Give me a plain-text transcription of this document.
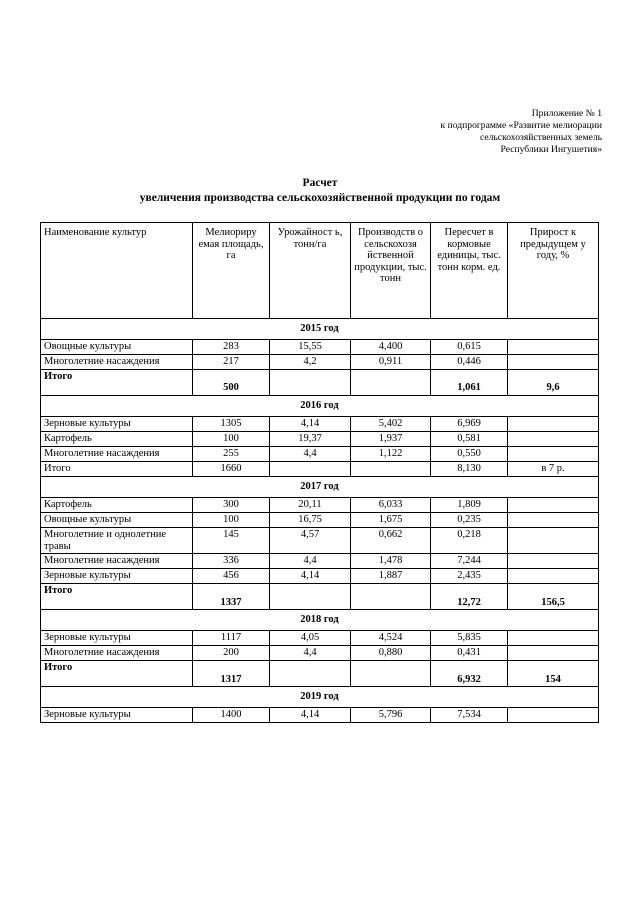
Приложение № 1
к подпрограмме «Развитие мелиорации
сельскохозяйственных земель
Республики Ингушетия»
Расчет
увеличения производства сельскохозяйственной продукции по годам
Наименование культур	Мелиориру емая площадь, га	Урожайност ь, тонн/га	Производств о сельскохозя йственной продукции, тыс. тонн	Пересчет в кормовые единицы, тыс. тонн корм. ед.	Прирост к предыдущем у году, %
2015 год					
Овощные культуры	283	15,55	4,400	0,615	
Многолетние насаждения	217	4,2	0,911	0,446	
Итого	500			1,061	9,6
2016 год					
Зерновые культуры	1305	4,14	5,402	6,969	
Картофель	100	19,37	1,937	0,581	
Многолетние насаждения	255	4,4	1,122	0,550	
Итого	1660			8,130	в 7 р.
2017 год					
Картофель	300	20,11	6,033	1,809	
Овощные культуры	100	16,75	1,675	0,235	
Многолетние и однолетние травы	145	4,57	0,662	0,218	
Многолетние насаждения	336	4,4	1,478	7,244	
Зерновые культуры	456	4,14	1,887	2,435	
Итого	1337			12,72	156,5
2018 год					
Зерновые культуры	1117	4,05	4,524	5,835	
Многолетние насаждения	200	4,4	0,880	0,431	
Итого	1317			6,932	154
2019 год					
Зерновые культуры	1400	4,14	5,796	7,534	
